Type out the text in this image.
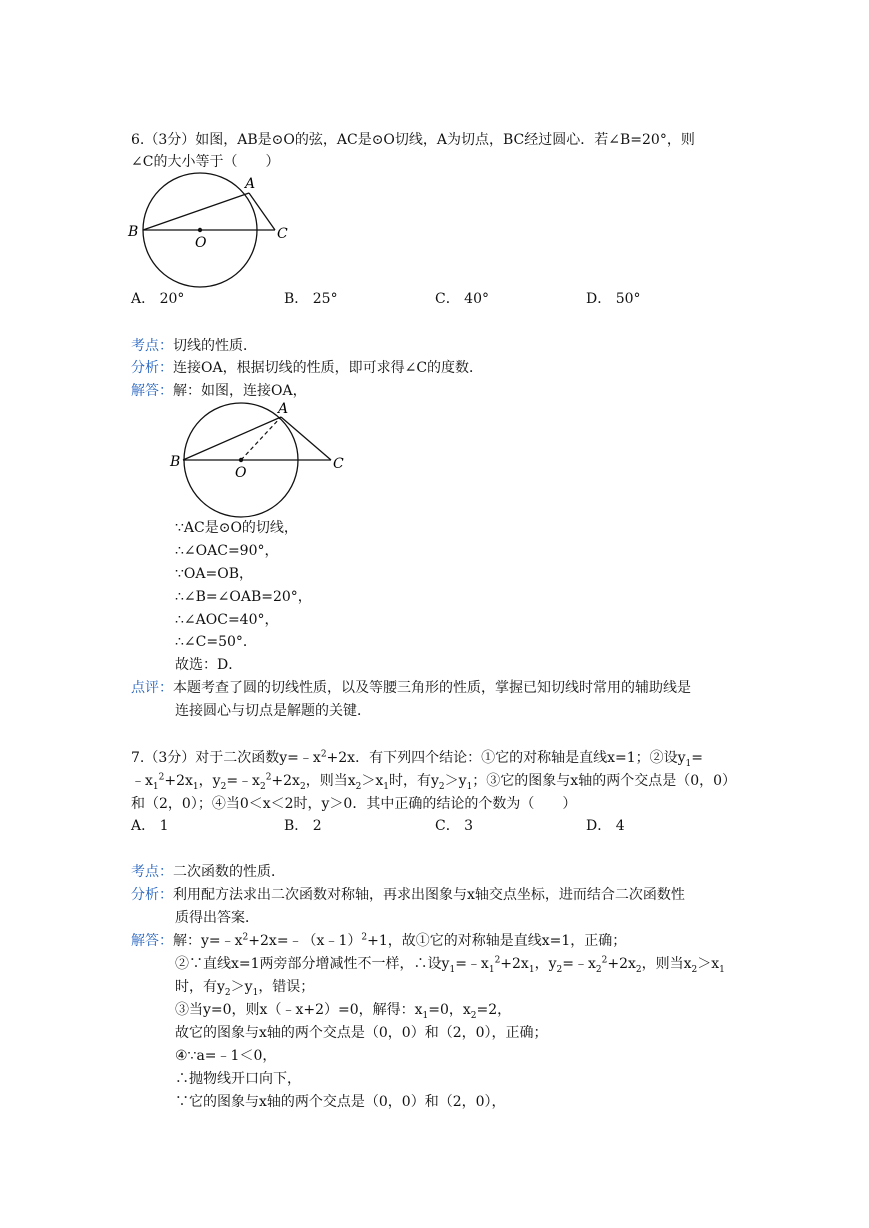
6.（3分）如图，AB是⊙O的弦，AC是⊙O切线，A为切点，BC经过圆心．若∠B=20°，则
∠C的大小等于（　　）
A
B
O
C
A． 20°	B． 25°	C． 40°	D． 50°
考点：切线的性质．
分析：连接OA，根据切线的性质，即可求得∠C的度数．
解答：解：如图，连接OA，
A
B
O
C
∵AC是⊙O的切线，
∴∠OAC=90°，
∵OA=OB，
∴∠B=∠OAB=20°，
∴∠AOC=40°，
∴∠C=50°．
故选：D．
点评：本题考查了圆的切线性质，以及等腰三角形的性质，掌握已知切线时常用的辅助线是
连接圆心与切点是解题的关键．
7.（3分）对于二次函数$y=﹣x^2+2x$．有下列四个结论：①它的对称轴是直线x=1；②设$y_1=$
$﹣x_1^2+2x_1$，$y_2=﹣x_2^2+2x_2$，则当$x_2>x_1$时，有$y_2>y_1$；③它的图象与x轴的两个交点是（0，0）
和（2，0）；④当0＜x＜2时，y＞0．其中正确的结论的个数为（　　）
A． 1	B． 2	C． 3	D． 4
考点：二次函数的性质．
分析：利用配方法求出二次函数对称轴，再求出图象与x轴交点坐标，进而结合二次函数性
质得出答案．
解答：解：$y=﹣x^2+2x=﹣(x﹣1)^2+1$，故①它的对称轴是直线x=1，正确；
②∵直线x=1两旁部分增减性不一样，∴设$y_1=﹣x_1^2+2x_1$，$y_2=﹣x_2^2+2x_2$，则当$x_2>x_1$
时，有$y_2>y_1$，错误；
③当y=0，则x（﹣x+2）=0，解得：$x_1=0$，$x_2=2$，
故它的图象与x轴的两个交点是（0，0）和（2，0），正确；
④∵a=﹣1＜0，
∴抛物线开口向下，
∵它的图象与x轴的两个交点是（0，0）和（2，0），
